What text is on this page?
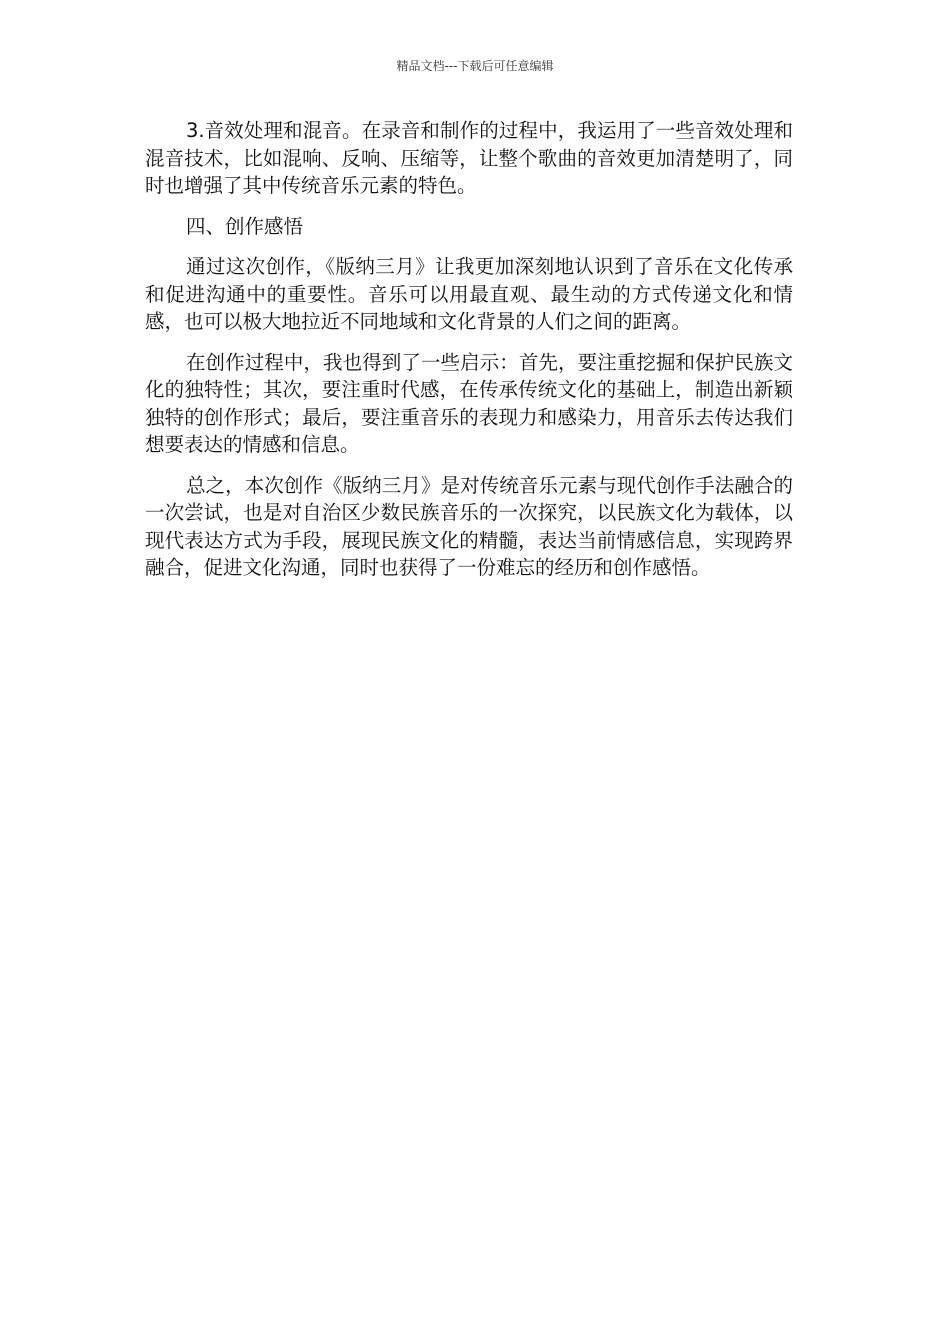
精品文档---下载后可任意编辑

3.音效处理和混音。在录音和制作的过程中，我运用了一些音效处理和混音技术，比如混响、反响、压缩等，让整个歌曲的音效更加清楚明了，同时也增强了其中传统音乐元素的特色。

四、创作感悟

通过这次创作，《版纳三月》让我更加深刻地认识到了音乐在文化传承和促进沟通中的重要性。音乐可以用最直观、最生动的方式传递文化和情感，也可以极大地拉近不同地域和文化背景的人们之间的距离。

在创作过程中，我也得到了一些启示：首先，要注重挖掘和保护民族文化的独特性；其次，要注重时代感，在传承传统文化的基础上，制造出新颖独特的创作形式；最后，要注重音乐的表现力和感染力，用音乐去传达我们想要表达的情感和信息。

总之，本次创作《版纳三月》是对传统音乐元素与现代创作手法融合的一次尝试，也是对自治区少数民族音乐的一次探究，以民族文化为载体，以现代表达方式为手段，展现民族文化的精髓，表达当前情感信息，实现跨界融合，促进文化沟通，同时也获得了一份难忘的经历和创作感悟。
